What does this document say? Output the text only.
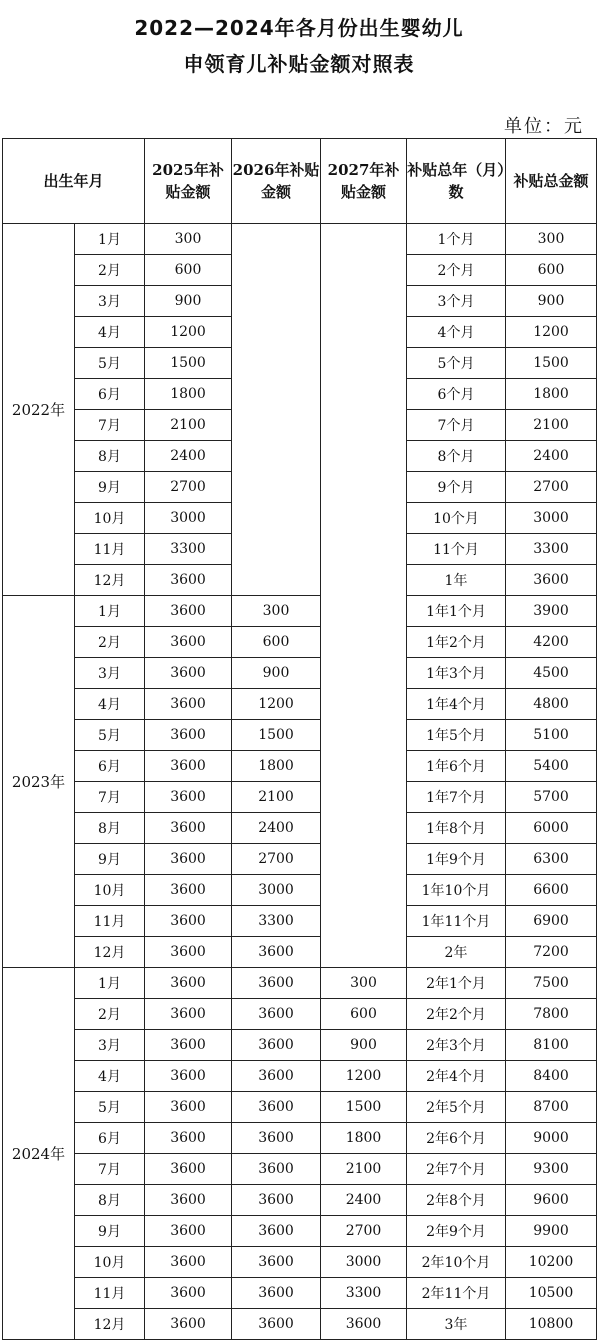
2022—2024年各月份出生婴幼儿
申领育儿补贴金额对照表
单位：元
出生年月		2025年补贴金额	2026年补贴金额	2027年补贴金额	补贴总年（月）数	补贴总金额
2022年	1月	300			1个月	300
	2月	600			2个月	600
	3月	900			3个月	900
	4月	1200			4个月	1200
	5月	1500			5个月	1500
	6月	1800			6个月	1800
	7月	2100			7个月	2100
	8月	2400			8个月	2400
	9月	2700			9个月	2700
	10月	3000			10个月	3000
	11月	3300			11个月	3300
	12月	3600			1年	3600
2023年	1月	3600	300		1年1个月	3900
	2月	3600	600		1年2个月	4200
	3月	3600	900		1年3个月	4500
	4月	3600	1200		1年4个月	4800
	5月	3600	1500		1年5个月	5100
	6月	3600	1800		1年6个月	5400
	7月	3600	2100		1年7个月	5700
	8月	3600	2400		1年8个月	6000
	9月	3600	2700		1年9个月	6300
	10月	3600	3000		1年10个月	6600
	11月	3600	3300		1年11个月	6900
	12月	3600	3600		2年	7200
2024年	1月	3600	3600	300	2年1个月	7500
	2月	3600	3600	600	2年2个月	7800
	3月	3600	3600	900	2年3个月	8100
	4月	3600	3600	1200	2年4个月	8400
	5月	3600	3600	1500	2年5个月	8700
	6月	3600	3600	1800	2年6个月	9000
	7月	3600	3600	2100	2年7个月	9300
	8月	3600	3600	2400	2年8个月	9600
	9月	3600	3600	2700	2年9个月	9900
	10月	3600	3600	3000	2年10个月	10200
	11月	3600	3600	3300	2年11个月	10500
	12月	3600	3600	3600	3年	10800
